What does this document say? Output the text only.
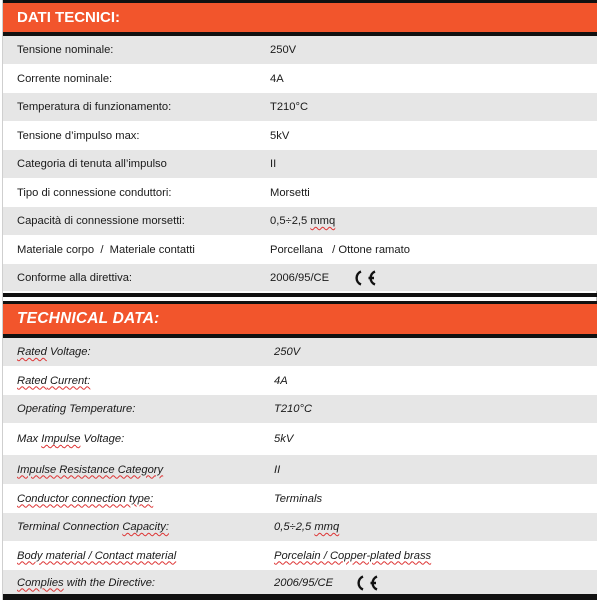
DATI TECNICI:
Tensione nominale:	250V
Corrente nominale:	4A
Temperatura di funzionamento:	T210°C
Tensione d’impulso max:	5kV
Categoria di tenuta all’impulso	II
Tipo di connessione conduttori:	Morsetti
Capacità di connessione morsetti:	0,5÷2,5 mmq
Materiale corpo  /  Materiale contatti	Porcellana   / Ottone ramato
Conforme alla direttiva:	2006/95/CE
TECHNICAL DATA:
Rated Voltage:	250V
Rated Current:	4A
Operating Temperature:	T210°C
Max Impulse Voltage:	5kV
Impulse Resistance Category	II
Conductor connection type:	Terminals
Terminal Connection Capacity:	0,5÷2,5 mmq
Body material / Contact material	Porcelain / Copper-plated brass
Complies with the Directive:	2006/95/CE
